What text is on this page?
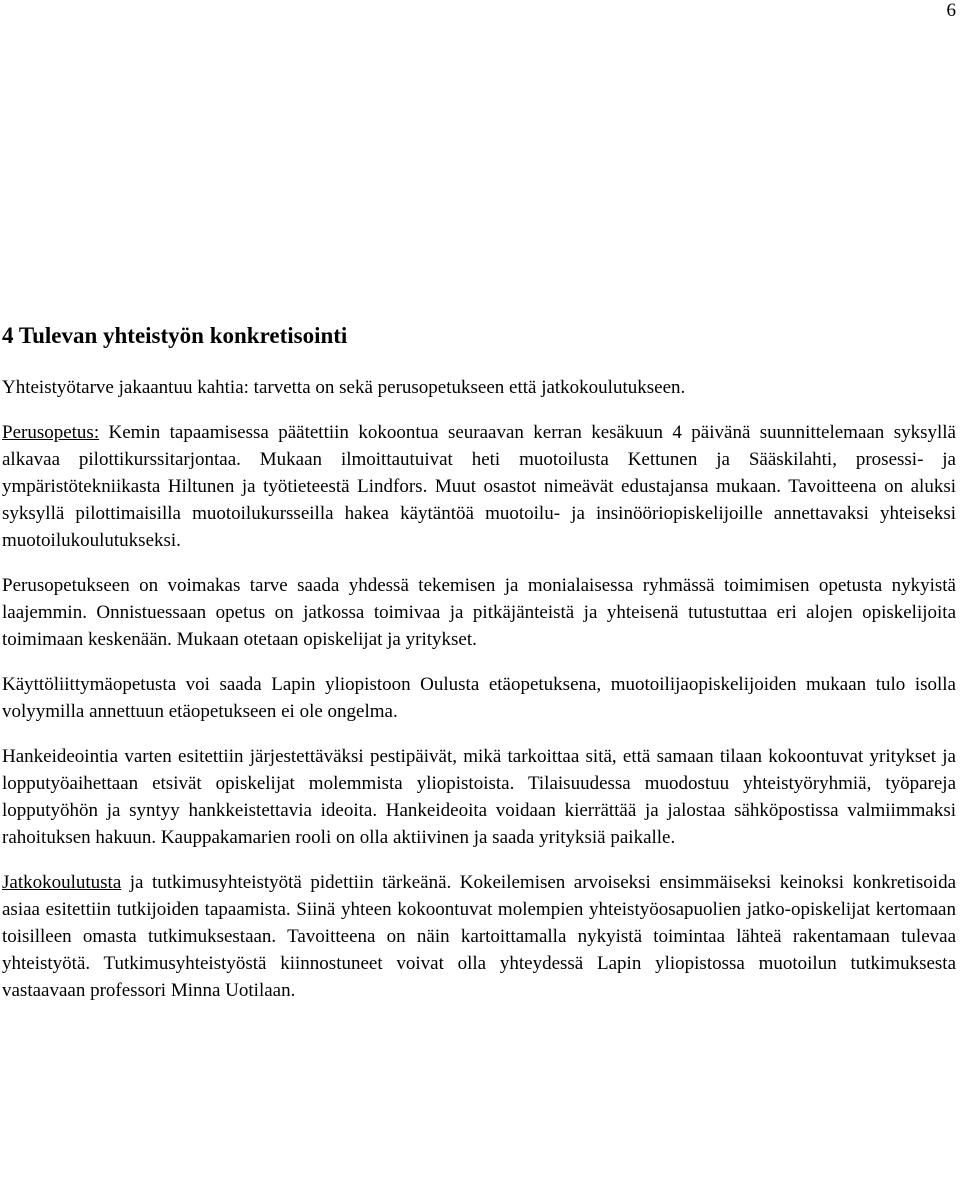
6
4 Tulevan yhteistyön konkretisointi

Yhteistyötarve jakaantuu kahtia: tarvetta on sekä perusopetukseen että jatkokoulutukseen.

Perusopetus: Kemin tapaamisessa päätettiin kokoontua seuraavan kerran kesäkuun 4 päivänä suunnittelemaan syksyllä alkavaa pilottikurssitarjontaa. Mukaan ilmoittautuivat heti muotoilusta Kettunen ja Sääskilahti, prosessi- ja ympäristötekniikasta Hiltunen ja työtieteestä Lindfors. Muut osastot nimeävät edustajansa mukaan. Tavoitteena on aluksi syksyllä pilottimaisilla muotoilukursseilla hakea käytäntöä muotoilu- ja insinööriopiskelijoille annettavaksi yhteiseksi muotoilukoulutukseksi.

Perusopetukseen on voimakas tarve saada yhdessä tekemisen ja monialaisessa ryhmässä toimimisen opetusta nykyistä laajemmin. Onnistuessaan opetus on jatkossa toimivaa ja pitkäjänteistä ja yhteisenä tutustuttaa eri alojen opiskelijoita toimimaan keskenään. Mukaan otetaan opiskelijat ja yritykset.

Käyttöliittymäopetusta voi saada Lapin yliopistoon Oulusta etäopetuksena, muotoilijaopiskelijoiden mukaan tulo isolla volyymilla annettuun etäopetukseen ei ole ongelma.

Hankeideointia varten esitettiin järjestettäväksi pestipäivät, mikä tarkoittaa sitä, että samaan tilaan kokoontuvat yritykset ja lopputyöaihettaan etsivät opiskelijat molemmista yliopistoista. Tilaisuudessa muodostuu yhteistyöryhmiä, työpareja lopputyöhön ja syntyy hankkeistettavia ideoita. Hankeideoita voidaan kierrättää ja jalostaa sähköpostissa valmiimmaksi rahoituksen hakuun. Kauppakamarien rooli on olla aktiivinen ja saada yrityksiä paikalle.

Jatkokoulutusta ja tutkimusyhteistyötä pidettiin tärkeänä. Kokeilemisen arvoiseksi ensimmäiseksi keinoksi konkretisoida asiaa esitettiin tutkijoiden tapaamista. Siinä yhteen kokoontuvat molempien yhteistyöosapuolien jatko-opiskelijat kertomaan toisilleen omasta tutkimuksestaan. Tavoitteena on näin kartoittamalla nykyistä toimintaa lähteä rakentamaan tulevaa yhteistyötä. Tutkimusyhteistyöstä kiinnostuneet voivat olla yhteydessä Lapin yliopistossa muotoilun tutkimuksesta vastaavaan professori Minna Uotilaan.
